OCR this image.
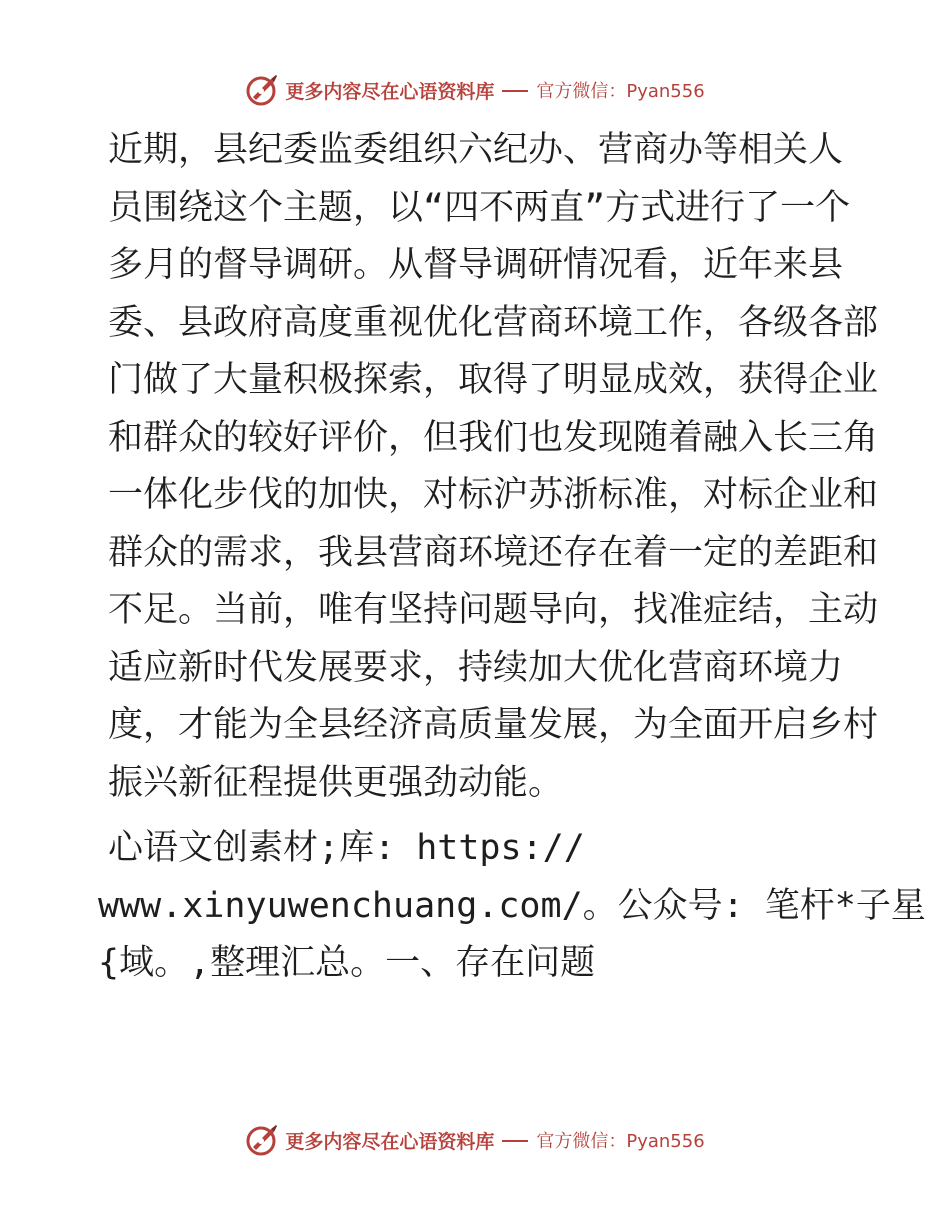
更多内容尽在心语资料库 官方微信：Pyan556

近期，县纪委监委组织六纪办、营商办等相关人
员围绕这个主题，以“四不两直”方式进行了一个
多月的督导调研。从督导调研情况看，近年来县
委、县政府高度重视优化营商环境工作，各级各部
门做了大量积极探索，取得了明显成效，获得企业
和群众的较好评价，但我们也发现随着融入长三角
一体化步伐的加快，对标沪苏浙标准，对标企业和
群众的需求，我县营商环境还存在着一定的差距和
不足。当前，唯有坚持问题导向，找准症结，主动
适应新时代发展要求，持续加大优化营商环境力
度，才能为全县经济高质量发展，为全面开启乡村
振兴新征程提供更强劲动能。

心语文创素材;库: https://
www.xinyuwenchuang.com/。公众号: 笔杆*子星
{域。,整理汇总。一、存在问题

更多内容尽在心语资料库 官方微信：Pyan556
